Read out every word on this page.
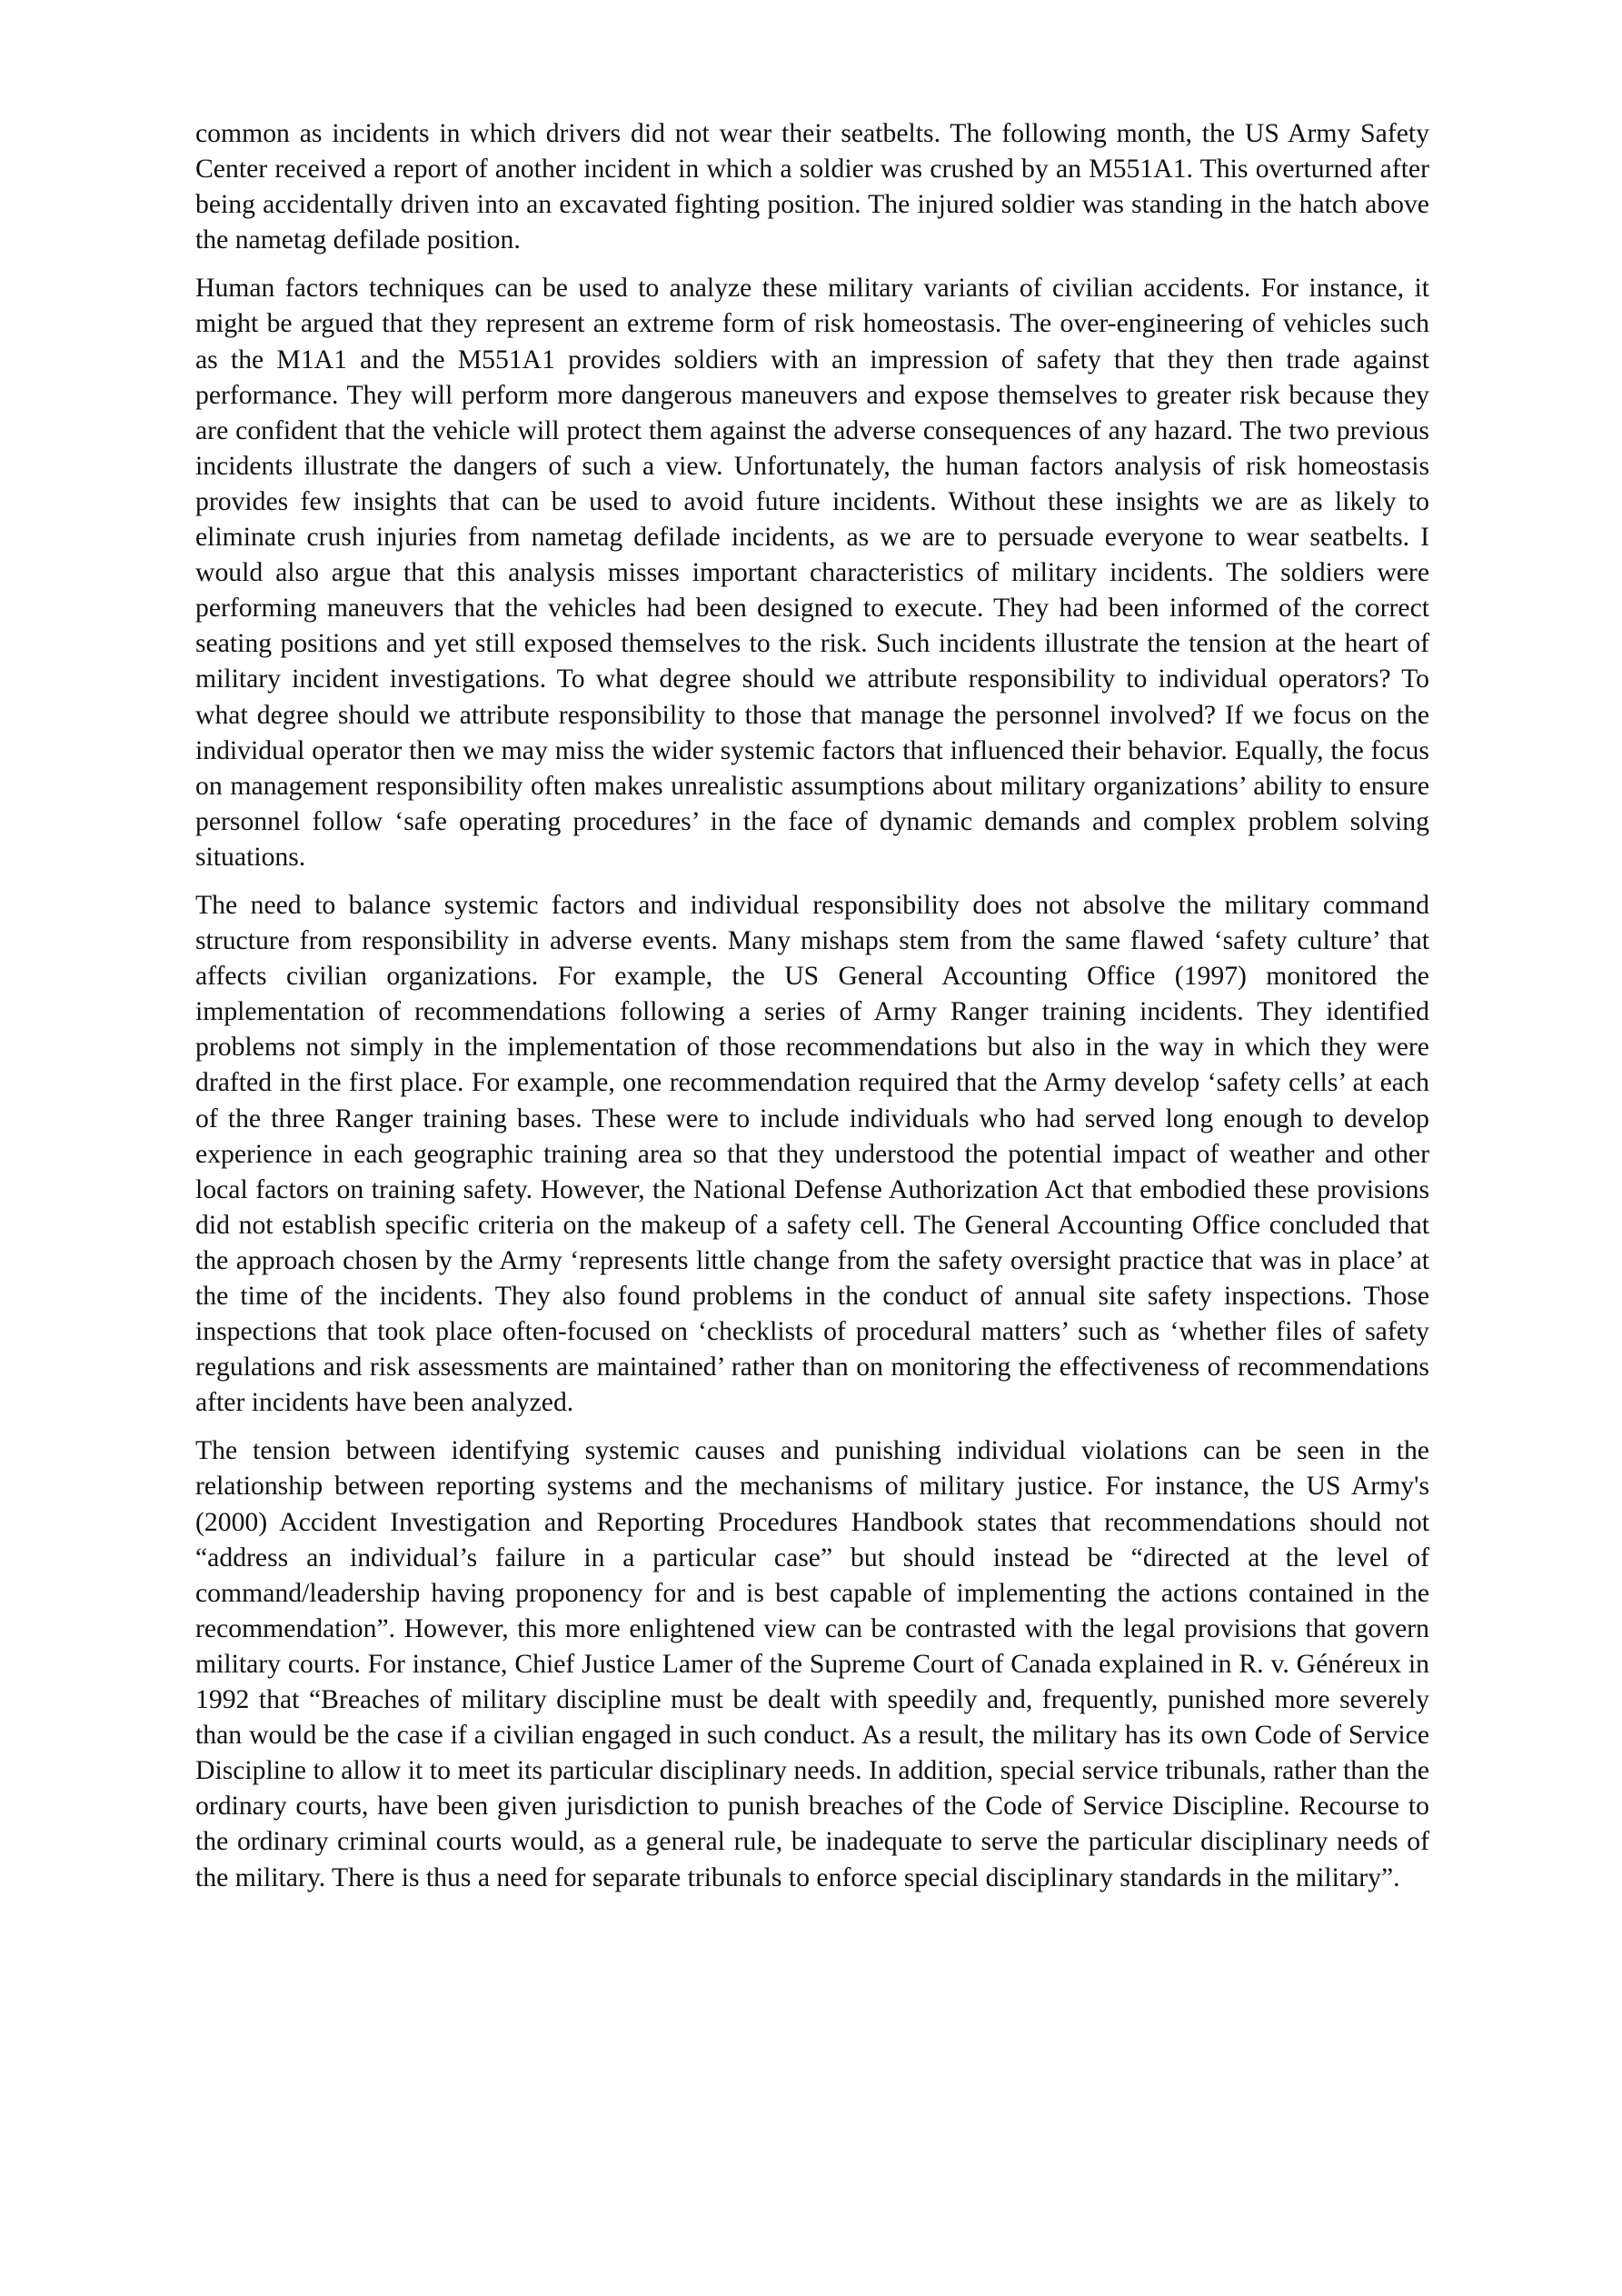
common as incidents in which drivers did not wear their seatbelts. The following month, the US Army Safety Center received a report of another incident in which a soldier was crushed by an M551A1. This overturned after being accidentally driven into an excavated fighting position. The injured soldier was standing in the hatch above the nametag defilade position.

Human factors techniques can be used to analyze these military variants of civilian accidents. For instance, it might be argued that they represent an extreme form of risk homeostasis. The over-engineering of vehicles such as the M1A1 and the M551A1 provides soldiers with an impression of safety that they then trade against performance. They will perform more dangerous maneuvers and expose themselves to greater risk because they are confident that the vehicle will protect them against the adverse consequences of any hazard. The two previous incidents illustrate the dangers of such a view. Unfortunately, the human factors analysis of risk homeostasis provides few insights that can be used to avoid future incidents. Without these insights we are as likely to eliminate crush injuries from nametag defilade incidents, as we are to persuade everyone to wear seatbelts. I would also argue that this analysis misses important characteristics of military incidents. The soldiers were performing maneuvers that the vehicles had been designed to execute. They had been informed of the correct seating positions and yet still exposed themselves to the risk. Such incidents illustrate the tension at the heart of military incident investigations. To what degree should we attribute responsibility to individual operators? To what degree should we attribute responsibility to those that manage the personnel involved? If we focus on the individual operator then we may miss the wider systemic factors that influenced their behavior. Equally, the focus on management responsibility often makes unrealistic assumptions about military organizations’ ability to ensure personnel follow ‘safe operating procedures’ in the face of dynamic demands and complex problem solving situations.

The need to balance systemic factors and individual responsibility does not absolve the military command structure from responsibility in adverse events. Many mishaps stem from the same flawed ‘safety culture’ that affects civilian organizations. For example, the US General Accounting Office (1997) monitored the implementation of recommendations following a series of Army Ranger training incidents. They identified problems not simply in the implementation of those recommendations but also in the way in which they were drafted in the first place. For example, one recommendation required that the Army develop ‘safety cells’ at each of the three Ranger training bases. These were to include individuals who had served long enough to develop experience in each geographic training area so that they understood the potential impact of weather and other local factors on training safety. However, the National Defense Authorization Act that embodied these provisions did not establish specific criteria on the makeup of a safety cell. The General Accounting Office concluded that the approach chosen by the Army ‘represents little change from the safety oversight practice that was in place’ at the time of the incidents. They also found problems in the conduct of annual site safety inspections. Those inspections that took place often-focused on ‘checklists of procedural matters’ such as ‘whether files of safety regulations and risk assessments are maintained’ rather than on monitoring the effectiveness of recommendations after incidents have been analyzed.

The tension between identifying systemic causes and punishing individual violations can be seen in the relationship between reporting systems and the mechanisms of military justice. For instance, the US Army's (2000) Accident Investigation and Reporting Procedures Handbook states that recommendations should not “address an individual’s failure in a particular case” but should instead be “directed at the level of command/leadership having proponency for and is best capable of implementing the actions contained in the recommendation”. However, this more enlightened view can be contrasted with the legal provisions that govern military courts. For instance, Chief Justice Lamer of the Supreme Court of Canada explained in R. v. Généreux in 1992 that “Breaches of military discipline must be dealt with speedily and, frequently, punished more severely than would be the case if a civilian engaged in such conduct. As a result, the military has its own Code of Service Discipline to allow it to meet its particular disciplinary needs. In addition, special service tribunals, rather than the ordinary courts, have been given jurisdiction to punish breaches of the Code of Service Discipline. Recourse to the ordinary criminal courts would, as a general rule, be inadequate to serve the particular disciplinary needs of the military. There is thus a need for separate tribunals to enforce special disciplinary standards in the military”.
